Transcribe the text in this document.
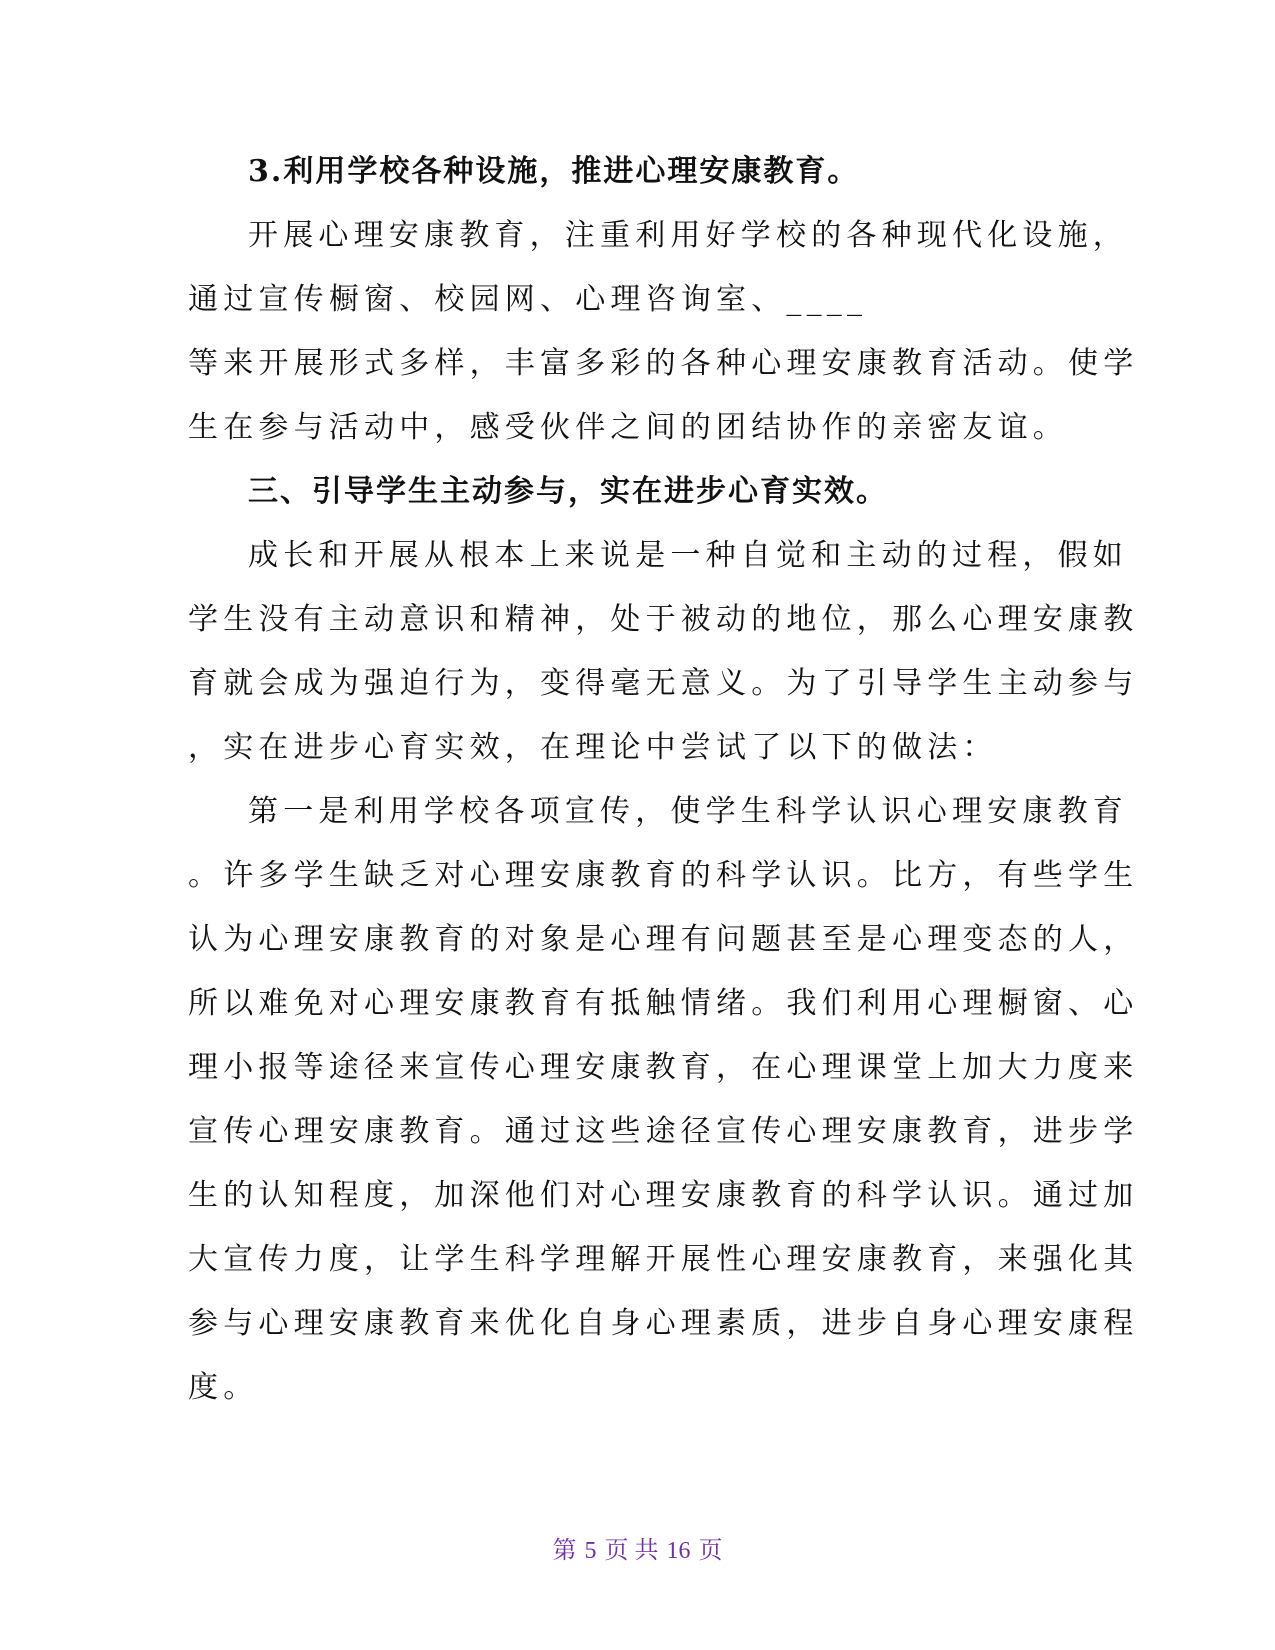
3.利用学校各种设施，推进心理安康教育。
开展心理安康教育，注重利用好学校的各种现代化设施，
通过宣传橱窗、校园网、心理咨询室、____
等来开展形式多样，丰富多彩的各种心理安康教育活动。使学
生在参与活动中，感受伙伴之间的团结协作的亲密友谊。
三、引导学生主动参与，实在进步心育实效。
成长和开展从根本上来说是一种自觉和主动的过程，假如
学生没有主动意识和精神，处于被动的地位，那么心理安康教
育就会成为强迫行为，变得毫无意义。为了引导学生主动参与
，实在进步心育实效，在理论中尝试了以下的做法：
第一是利用学校各项宣传，使学生科学认识心理安康教育
。许多学生缺乏对心理安康教育的科学认识。比方，有些学生
认为心理安康教育的对象是心理有问题甚至是心理变态的人，
所以难免对心理安康教育有抵触情绪。我们利用心理橱窗、心
理小报等途径来宣传心理安康教育，在心理课堂上加大力度来
宣传心理安康教育。通过这些途径宣传心理安康教育，进步学
生的认知程度，加深他们对心理安康教育的科学认识。通过加
大宣传力度，让学生科学理解开展性心理安康教育，来强化其
参与心理安康教育来优化自身心理素质，进步自身心理安康程
度。
第 5 页 共 16 页
